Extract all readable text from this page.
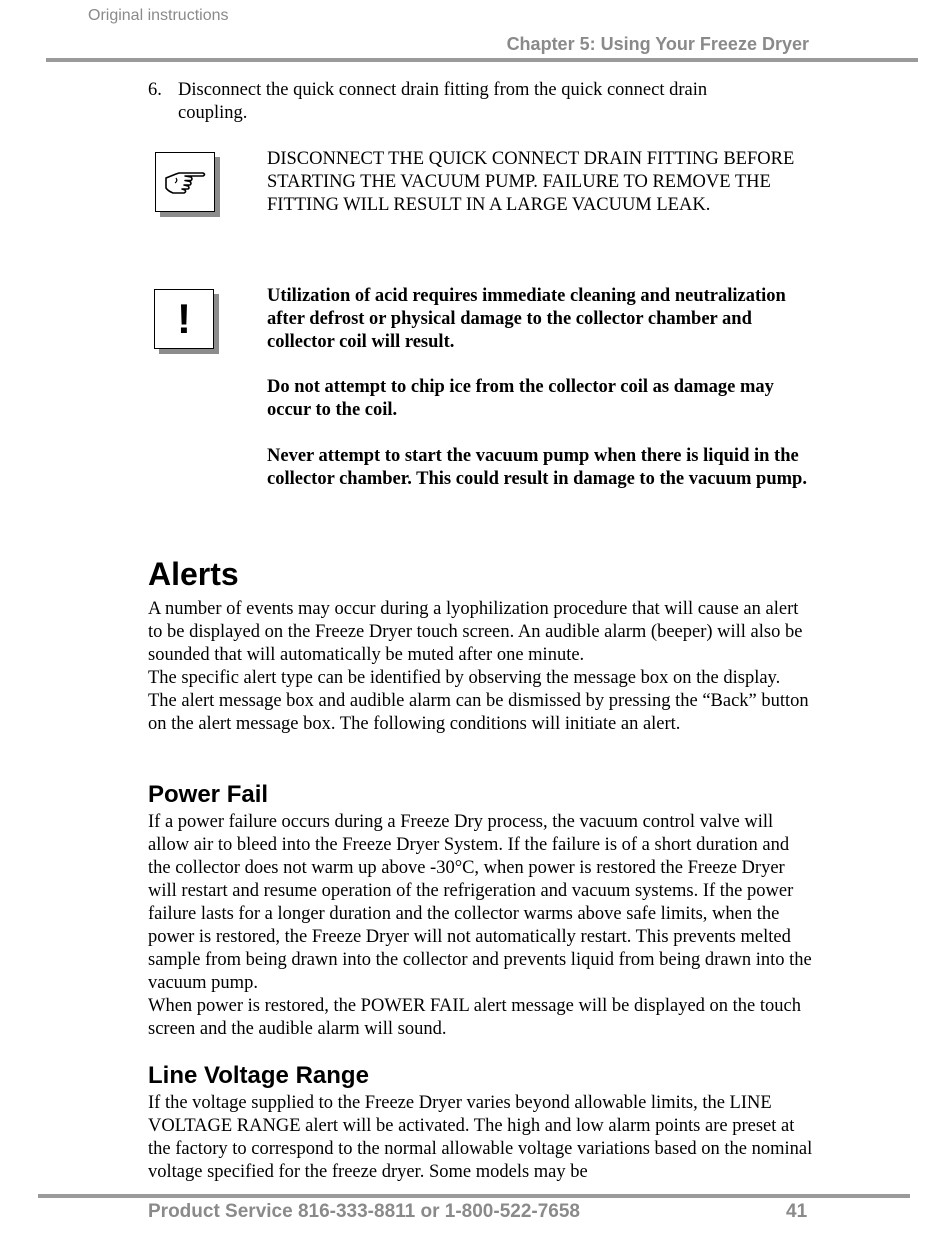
Original instructions
Chapter 5: Using Your Freeze Dryer
6. Disconnect the quick connect drain fitting from the quick connect drain coupling.
DISCONNECT THE QUICK CONNECT DRAIN FITTING BEFORE STARTING THE VACUUM PUMP. FAILURE TO REMOVE THE FITTING WILL RESULT IN A LARGE VACUUM LEAK.
!	Utilization of acid requires immediate cleaning and neutralization after defrost or physical damage to the collector chamber and collector coil will result.
Do not attempt to chip ice from the collector coil as damage may occur to the coil.
Never attempt to start the vacuum pump when there is liquid in the collector chamber. This could result in damage to the vacuum pump.
Alerts
A number of events may occur during a lyophilization procedure that will cause an alert to be displayed on the Freeze Dryer touch screen. An audible alarm (beeper) will also be sounded that will automatically be muted after one minute.
The specific alert type can be identified by observing the message box on the display. The alert message box and audible alarm can be dismissed by pressing the “Back” button on the alert message box. The following conditions will initiate an alert.
Power Fail
If a power failure occurs during a Freeze Dry process, the vacuum control valve will allow air to bleed into the Freeze Dryer System. If the failure is of a short duration and the collector does not warm up above -30°C, when power is restored the Freeze Dryer will restart and resume operation of the refrigeration and vacuum systems. If the power failure lasts for a longer duration and the collector warms above safe limits, when the power is restored, the Freeze Dryer will not automatically restart. This prevents melted sample from being drawn into the collector and prevents liquid from being drawn into the vacuum pump.
When power is restored, the POWER FAIL alert message will be displayed on the touch screen and the audible alarm will sound.
Line Voltage Range
If the voltage supplied to the Freeze Dryer varies beyond allowable limits, the LINE VOLTAGE RANGE alert will be activated. The high and low alarm points are preset at the factory to correspond to the normal allowable voltage variations based on the nominal voltage specified for the freeze dryer. Some models may be
Product Service 816-333-8811 or 1-800-522-7658	41
